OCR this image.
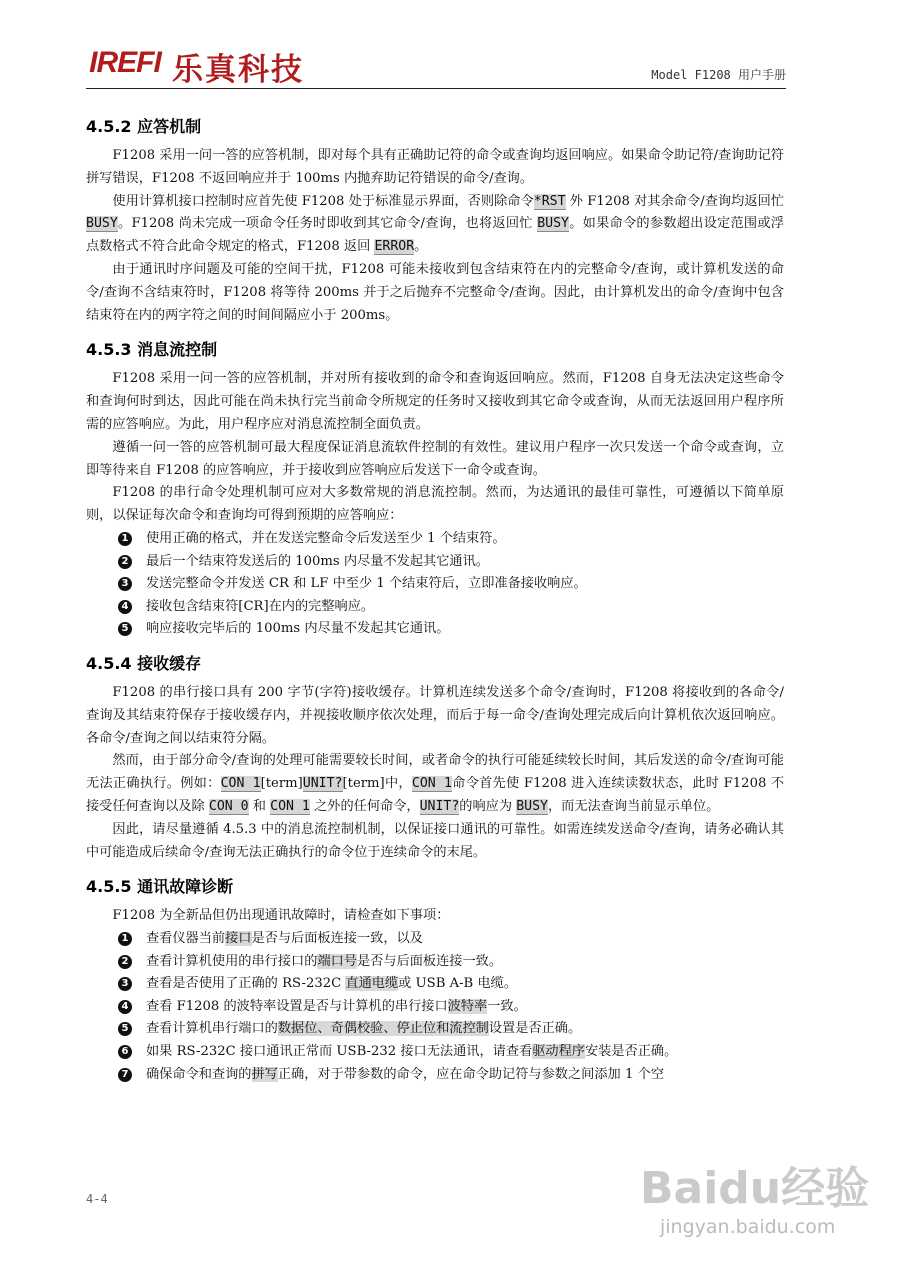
IREFI 乐真科技	Model F1208 用户手册
4.5.2 应答机制

F1208 采用一问一答的应答机制，即对每个具有正确助记符的命令或查询均返回响应。如果命令助记符/查询助记符拼写错误，F1208 不返回响应并于 100ms 内抛弃助记符错误的命令/查询。

使用计算机接口控制时应首先使 F1208 处于标准显示界面，否则除命令*RST 外 F1208 对其余命令/查询均返回忙 BUSY。F1208 尚未完成一项命令任务时即收到其它命令/查询，也将返回忙 BUSY。如果命令的参数超出设定范围或浮点数格式不符合此命令规定的格式，F1208 返回 ERROR。

由于通讯时序问题及可能的空间干扰，F1208 可能未接收到包含结束符在内的完整命令/查询，或计算机发送的命令/查询不含结束符时，F1208 将等待 200ms 并于之后抛弃不完整命令/查询。因此，由计算机发出的命令/查询中包含结束符在内的两字符之间的时间间隔应小于 200ms。

4.5.3 消息流控制

F1208 采用一问一答的应答机制，并对所有接收到的命令和查询返回响应。然而，F1208 自身无法决定这些命令和查询何时到达，因此可能在尚未执行完当前命令所规定的任务时又接收到其它命令或查询，从而无法返回用户程序所需的应答响应。为此，用户程序应对消息流控制全面负责。

遵循一问一答的应答机制可最大程度保证消息流软件控制的有效性。建议用户程序一次只发送一个命令或查询，立即等待来自 F1208 的应答响应，并于接收到应答响应后发送下一命令或查询。

F1208 的串行命令处理机制可应对大多数常规的消息流控制。然而，为达通讯的最佳可靠性，可遵循以下简单原则，以保证每次命令和查询均可得到预期的应答响应：

1 使用正确的格式，并在发送完整命令后发送至少 1 个结束符。
2 最后一个结束符发送后的 100ms 内尽量不发起其它通讯。
3 发送完整命令并发送 CR 和 LF 中至少 1 个结束符后，立即准备接收响应。
4 接收包含结束符[CR]在内的完整响应。
5 响应接收完毕后的 100ms 内尽量不发起其它通讯。
4.5.4 接收缓存

F1208 的串行接口具有 200 字节(字符)接收缓存。计算机连续发送多个命令/查询时，F1208 将接收到的各命令/查询及其结束符保存于接收缓存内，并视接收顺序依次处理，而后于每一命令/查询处理完成后向计算机依次返回响应。各命令/查询之间以结束符分隔。

然而，由于部分命令/查询的处理可能需要较长时间，或者命令的执行可能延续较长时间，其后发送的命令/查询可能无法正确执行。例如：CON 1[term]UNIT?[term]中，CON 1命令首先使 F1208 进入连续读数状态，此时 F1208 不接受任何查询以及除 CON 0 和 CON 1 之外的任何命令，UNIT?的响应为 BUSY，而无法查询当前显示单位。

因此，请尽量遵循 4.5.3 中的消息流控制机制，以保证接口通讯的可靠性。如需连续发送命令/查询，请务必确认其中可能造成后续命令/查询无法正确执行的命令位于连续命令的末尾。

4.5.5 通讯故障诊断

F1208 为全新品但仍出现通讯故障时，请检查如下事项：

1 查看仪器当前接口是否与后面板连接一致，以及
2 查看计算机使用的串行接口的端口号是否与后面板连接一致。
3 查看是否使用了正确的 RS-232C 直通电缆或 USB A-B 电缆。
4 查看 F1208 的波特率设置是否与计算机的串行接口波特率一致。
5 查看计算机串行端口的数据位、奇偶校验、停止位和流控制设置是否正确。
6 如果 RS-232C 接口通讯正常而 USB-232 接口无法通讯，请查看驱动程序安装是否正确。
7 确保命令和查询的拼写正确，对于带参数的命令，应在命令助记符与参数之间添加 1 个空
4-4	Baidu经验
jingyan.baidu.com
